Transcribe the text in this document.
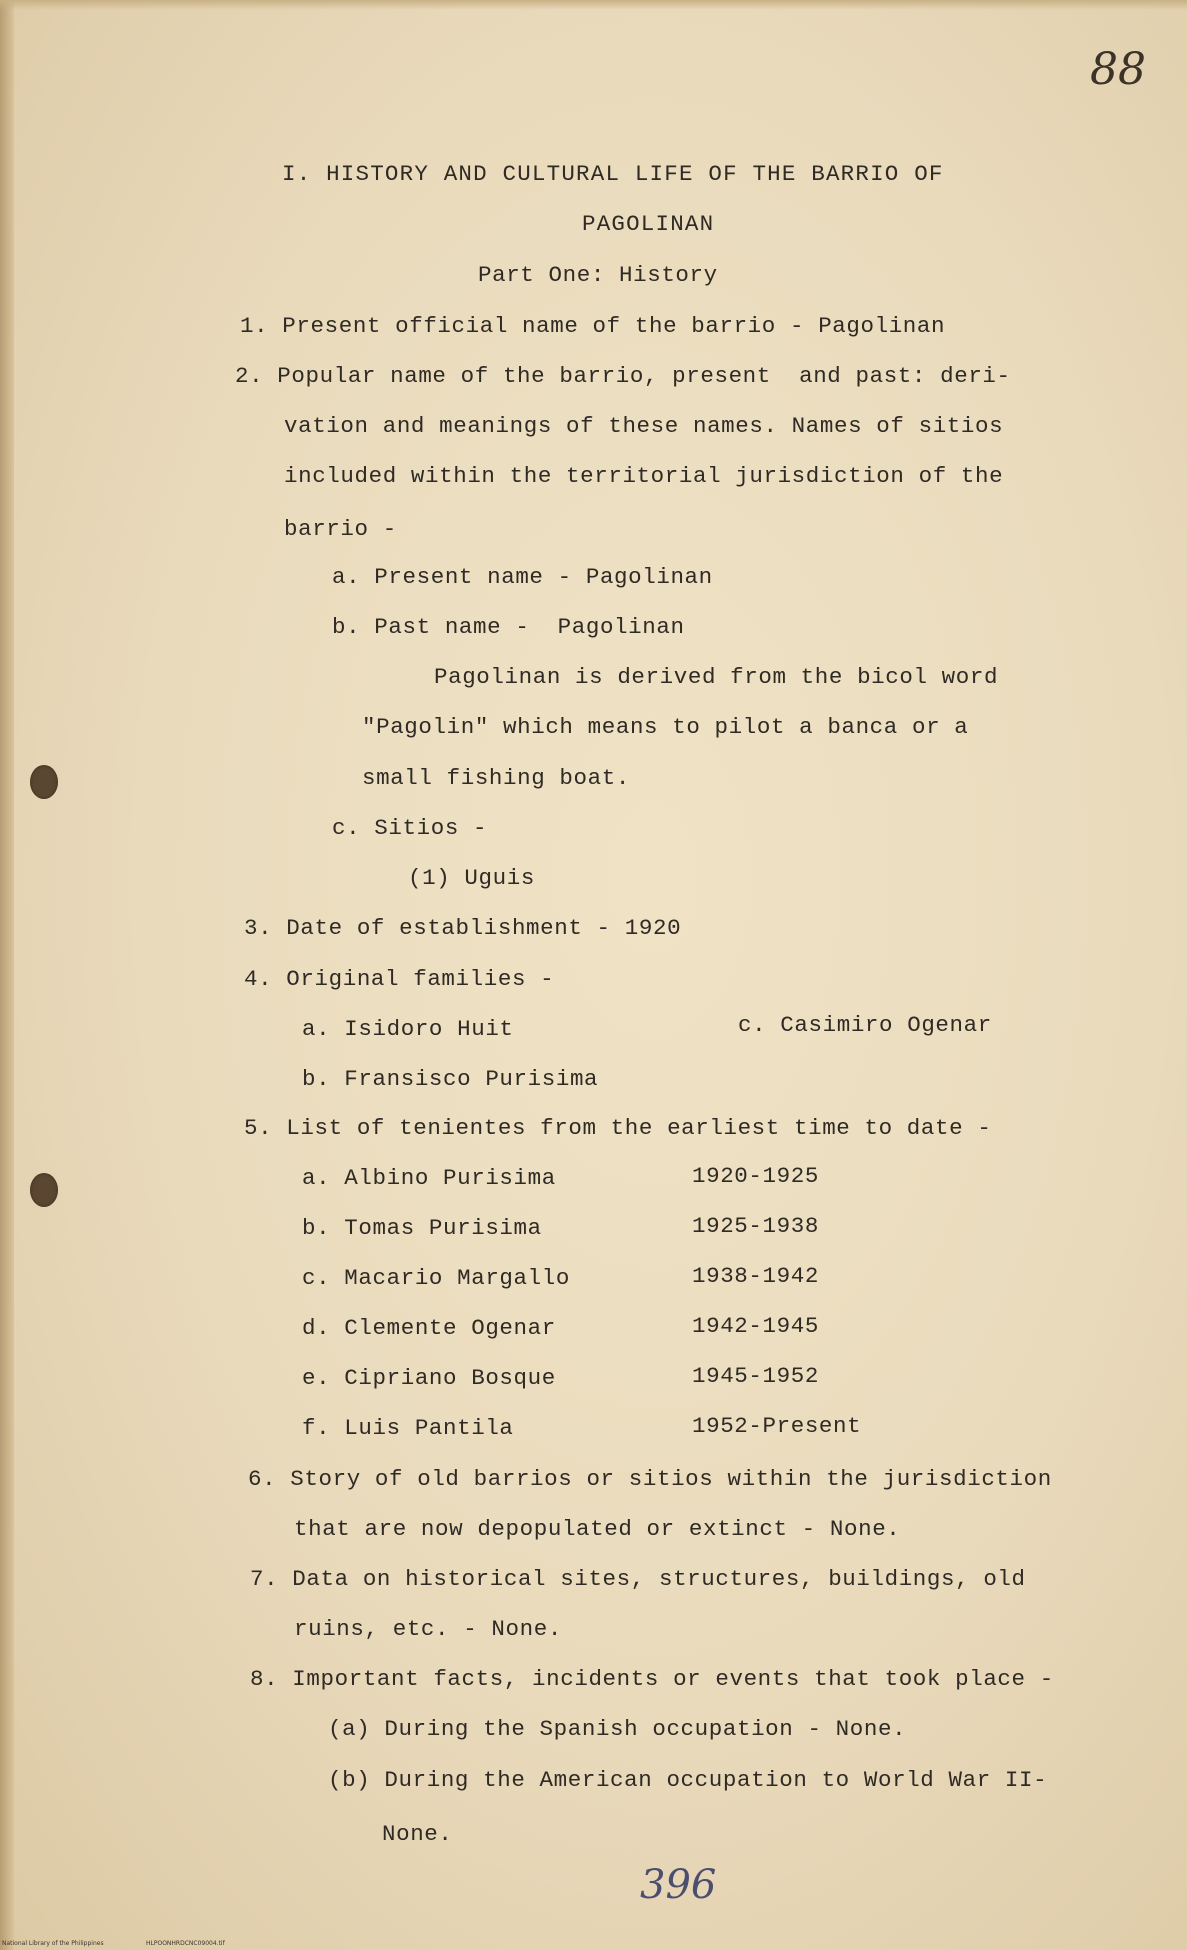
88
I. HISTORY AND CULTURAL LIFE OF THE BARRIO OF
PAGOLINAN
Part One: History
1. Present official name of the barrio - Pagolinan
2. Popular name of the barrio, present  and past: deri-
vation and meanings of these names. Names of sitios
included within the territorial jurisdiction of the
barrio -
a. Present name - Pagolinan
b. Past name -  Pagolinan
Pagolinan is derived from the bicol word
"Pagolin" which means to pilot a banca or a
small fishing boat.
c. Sitios -
(1) Uguis
3. Date of establishment - 1920
4. Original families -
a. Isidoro Huit	c. Casimiro Ogenar
b. Fransisco Purisima
5. List of tenientes from the earliest time to date -
a. Albino Purisima	1920-1925
b. Tomas Purisima	1925-1938
c. Macario Margallo	1938-1942
d. Clemente Ogenar	1942-1945
e. Cipriano Bosque	1945-1952
f. Luis Pantila	1952-Present
6. Story of old barrios or sitios within the jurisdiction
that are now depopulated or extinct - None.
7. Data on historical sites, structures, buildings, old
ruins, etc. - None.
8. Important facts, incidents or events that took place -
(a) During the Spanish occupation - None.
(b) During the American occupation to World War II-
None.
396
National Library of the Philippines	HLPOONHRDCNC09004.tif
